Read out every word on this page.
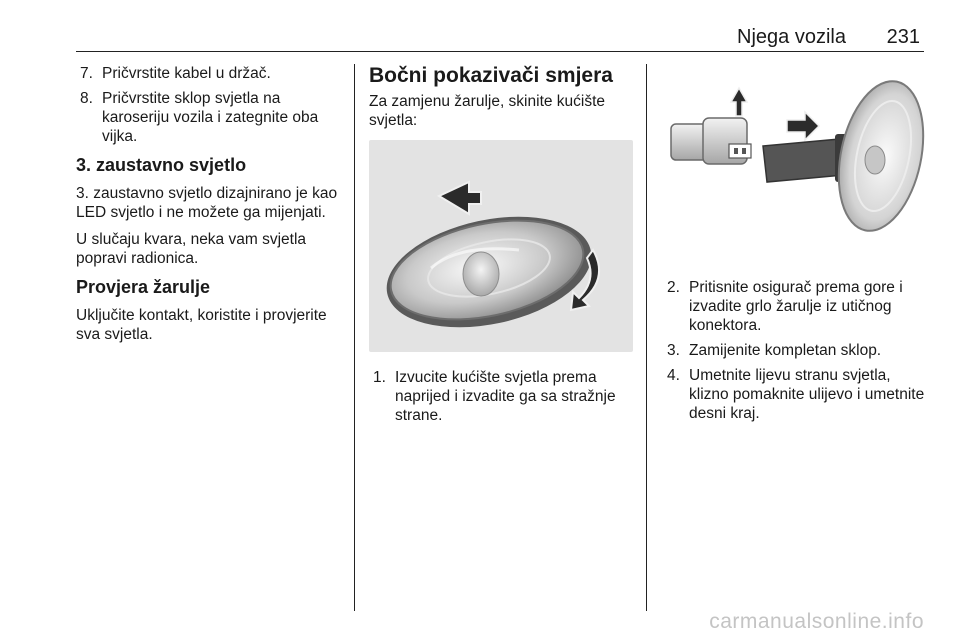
Njega vozila 231
7. Pričvrstite kabel u držač.
8. Pričvrstite sklop svjetla na karoseriju vozila i zategnite oba vijka.
3. zaustavno svjetlo

3. zaustavno svjetlo dizajnirano je kao LED svjetlo i ne možete ga mijenjati.

U slučaju kvara, neka vam svjetla popravi radionica.

Provjera žarulje

Uključite kontakt, koristite i provjerite sva svjetla.

Bočni pokazivači smjera

Za zamjenu žarulje, skinite kućište svjetla:

1. Izvucite kućište svjetla prema naprijed i izvadite ga sa stražnje strane.
2. Pritisnite osigurač prema gore i izvadite grlo žarulje iz utičnog konektora.
3. Zamijenite kompletan sklop.
4. Umetnite lijevu stranu svjetla, klizno pomaknite ulijevo i umetnite desni kraj.
carmanualsonline.info
